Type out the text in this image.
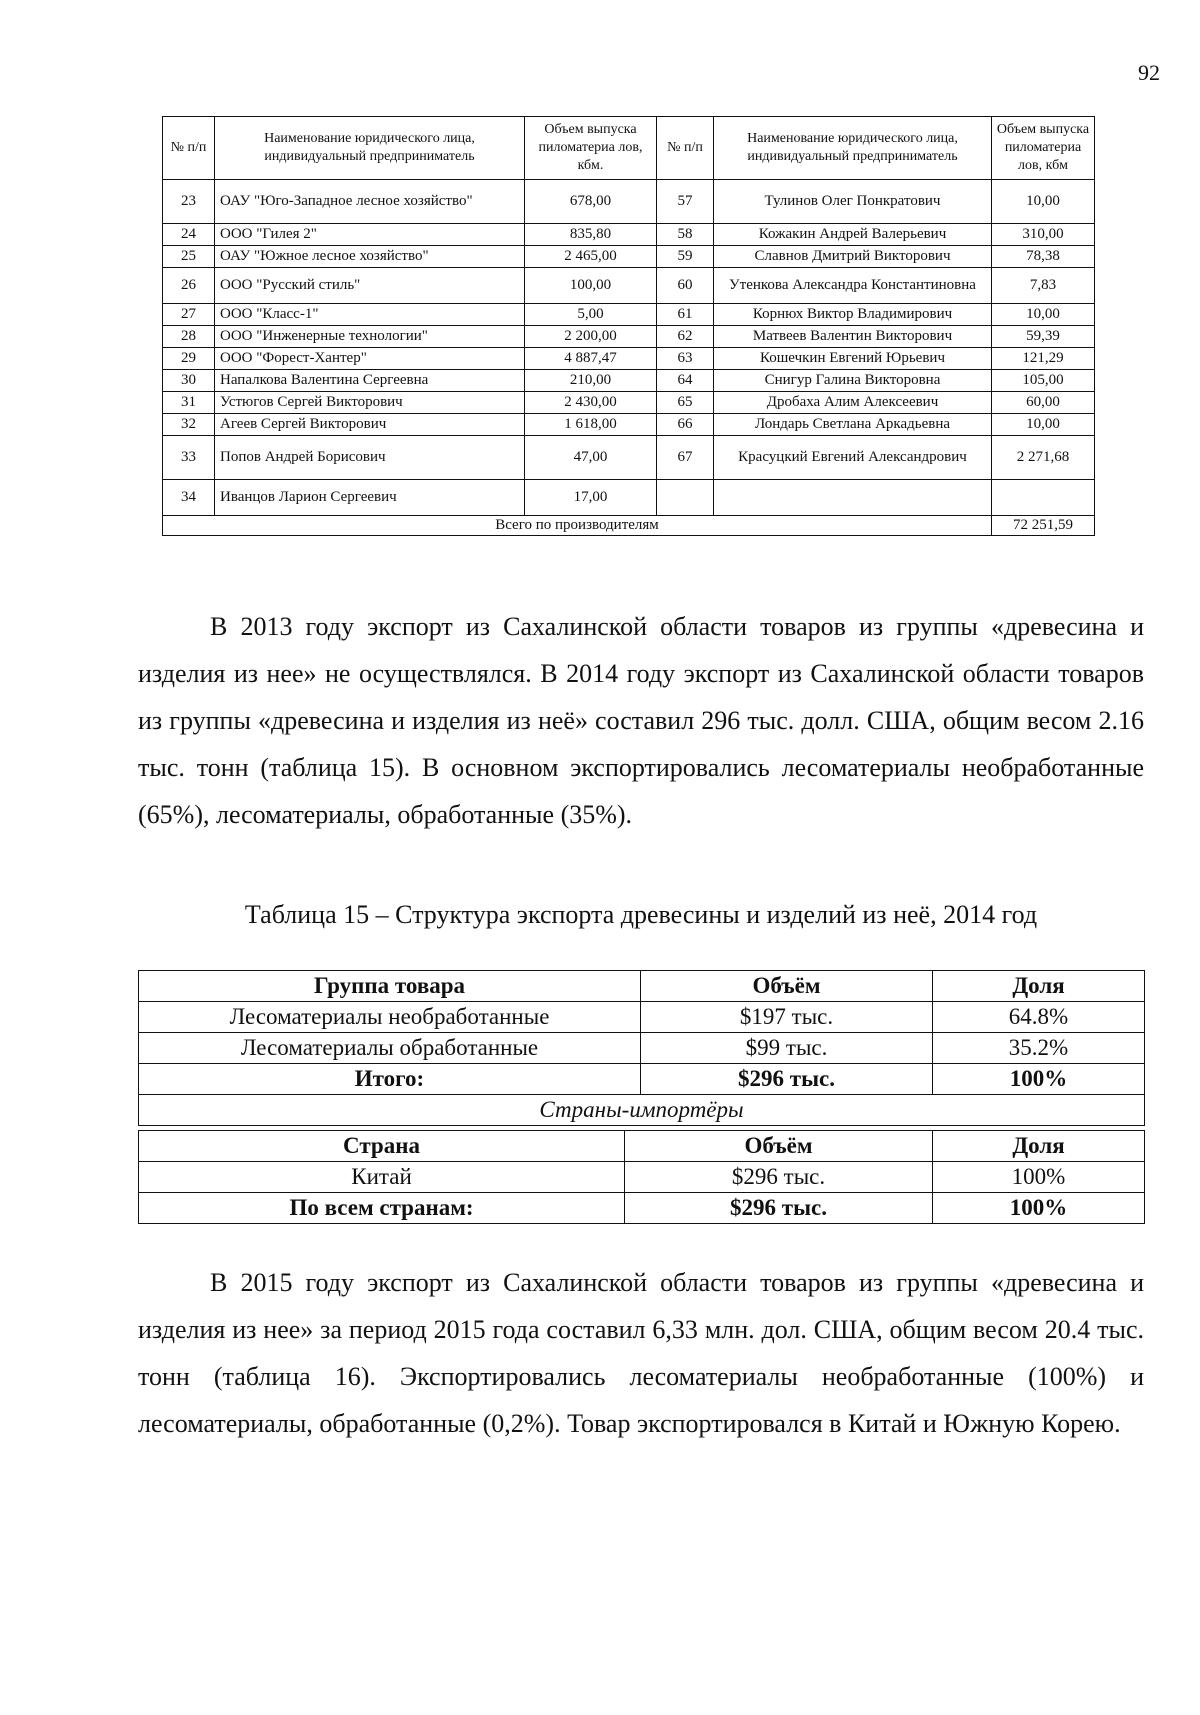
92
№ п/п	Наименование юридического лица, индивидуальный предприниматель	Объем выпуска пиломатериа лов, кбм.	№ п/п	Наименование юридического лица, индивидуальный предприниматель	Объем выпуска пиломатериа лов, кбм
23	ОАУ "Юго-Западное лесное хозяйство"	678,00	57	Тулинов Олег Понкратович	10,00
24	ООО "Гилея 2"	835,80	58	Кожакин Андрей Валерьевич	310,00
25	ОАУ "Южное лесное хозяйство"	2 465,00	59	Славнов Дмитрий Викторович	78,38
26	ООО "Русский стиль"	100,00	60	Утенкова Александра Константиновна	7,83
27	ООО "Класс-1"	5,00	61	Корнюх Виктор Владимирович	10,00
28	ООО "Инженерные технологии"	2 200,00	62	Матвеев Валентин Викторович	59,39
29	ООО "Форест-Хантер"	4 887,47	63	Кошечкин Евгений Юрьевич	121,29
30	Напалкова Валентина Сергеевна	210,00	64	Снигур Галина Викторовна	105,00
31	Устюгов Сергей Викторович	2 430,00	65	Дробаха Алим Алексеевич	60,00
32	Агеев Сергей Викторович	1 618,00	66	Лондарь Светлана Аркадьевна	10,00
33	Попов Андрей Борисович	47,00	67	Красуцкий Евгений Александрович	2 271,68
34	Иванцов Ларион Сергеевич	17,00			
Всего по производителям					72 251,59

В 2013 году экспорт из Сахалинской области товаров из группы «древесина и изделия из нее» не осуществлялся. В 2014 году экспорт из Сахалинской области товаров из группы «древесина и изделия из неё» составил 296 тыс. долл. США, общим весом 2.16 тыс. тонн (таблица 15). В основном экспортировались лесоматериалы необработанные (65%), лесоматериалы, обработанные (35%).

Таблица 15 – Структура экспорта древесины и изделий из неё, 2014 год

Группа товара	Объём	Доля
Лесоматериалы необработанные	$197 тыс.	64.8%
Лесоматериалы обработанные	$99 тыс.	35.2%
Итого:	$296 тыс.	100%
Страны-импортёры		
Страна	Объём	Доля
Китай	$296 тыс.	100%
По всем странам:	$296 тыс.	100%

В 2015 году экспорт из Сахалинской области товаров из группы «древесина и изделия из нее» за период 2015 года составил 6,33 млн. дол. США, общим весом 20.4 тыс. тонн (таблица 16). Экспортировались лесоматериалы необработанные (100%) и лесоматериалы, обработанные (0,2%). Товар экспортировался в Китай и Южную Корею.
